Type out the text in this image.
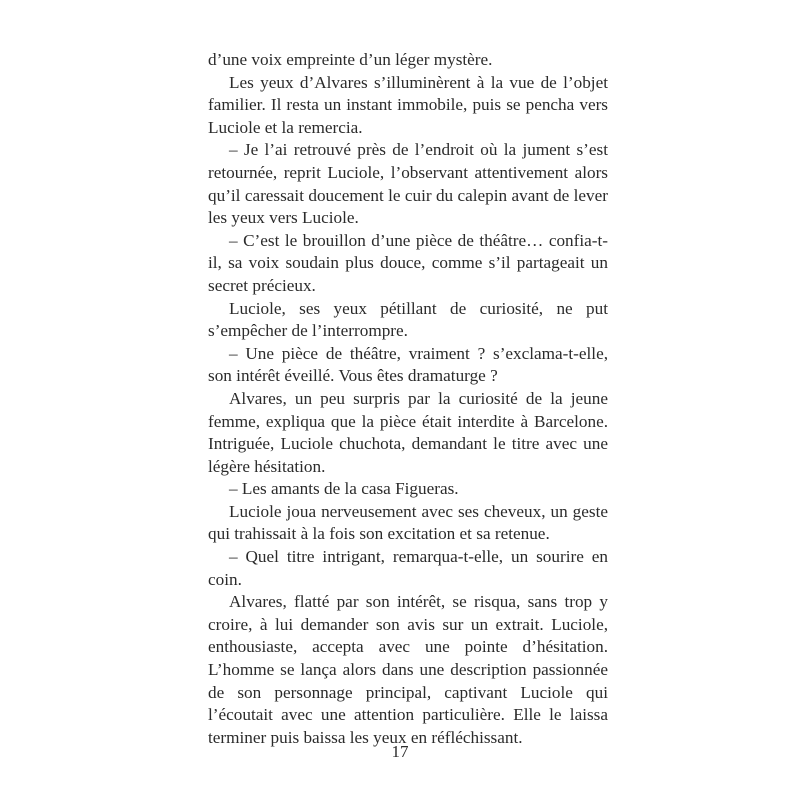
d’une voix empreinte d’un léger mystère.

Les yeux d’Alvares s’illuminèrent à la vue de l’objet familier. Il resta un instant immobile, puis se pencha vers Luciole et la remercia.

– Je l’ai retrouvé près de l’endroit où la jument s’est retournée, reprit Luciole, l’observant attentivement alors qu’il caressait doucement le cuir du calepin avant de lever les yeux vers Luciole.

– C’est le brouillon d’une pièce de théâtre… confia-t-il, sa voix soudain plus douce, comme s’il partageait un secret précieux.

Luciole, ses yeux pétillant de curiosité, ne put s’empêcher de l’interrompre.

– Une pièce de théâtre, vraiment ? s’exclama-t-elle, son intérêt éveillé. Vous êtes dramaturge ?

Alvares, un peu surpris par la curiosité de la jeune femme, expliqua que la pièce était interdite à Barcelone. Intriguée, Luciole chuchota, demandant le titre avec une légère hésitation.

– Les amants de la casa Figueras.

Luciole joua nerveusement avec ses cheveux, un geste qui trahissait à la fois son excitation et sa retenue.

– Quel titre intrigant, remarqua-t-elle, un sourire en coin.

Alvares, flatté par son intérêt, se risqua, sans trop y croire, à lui demander son avis sur un extrait. Luciole, enthousiaste, accepta avec une pointe d’hésitation. L’homme se lança alors dans une description passionnée de son personnage principal, captivant Luciole qui l’écoutait avec une attention particulière. Elle le laissa terminer puis baissa les yeux en réfléchissant.

17
